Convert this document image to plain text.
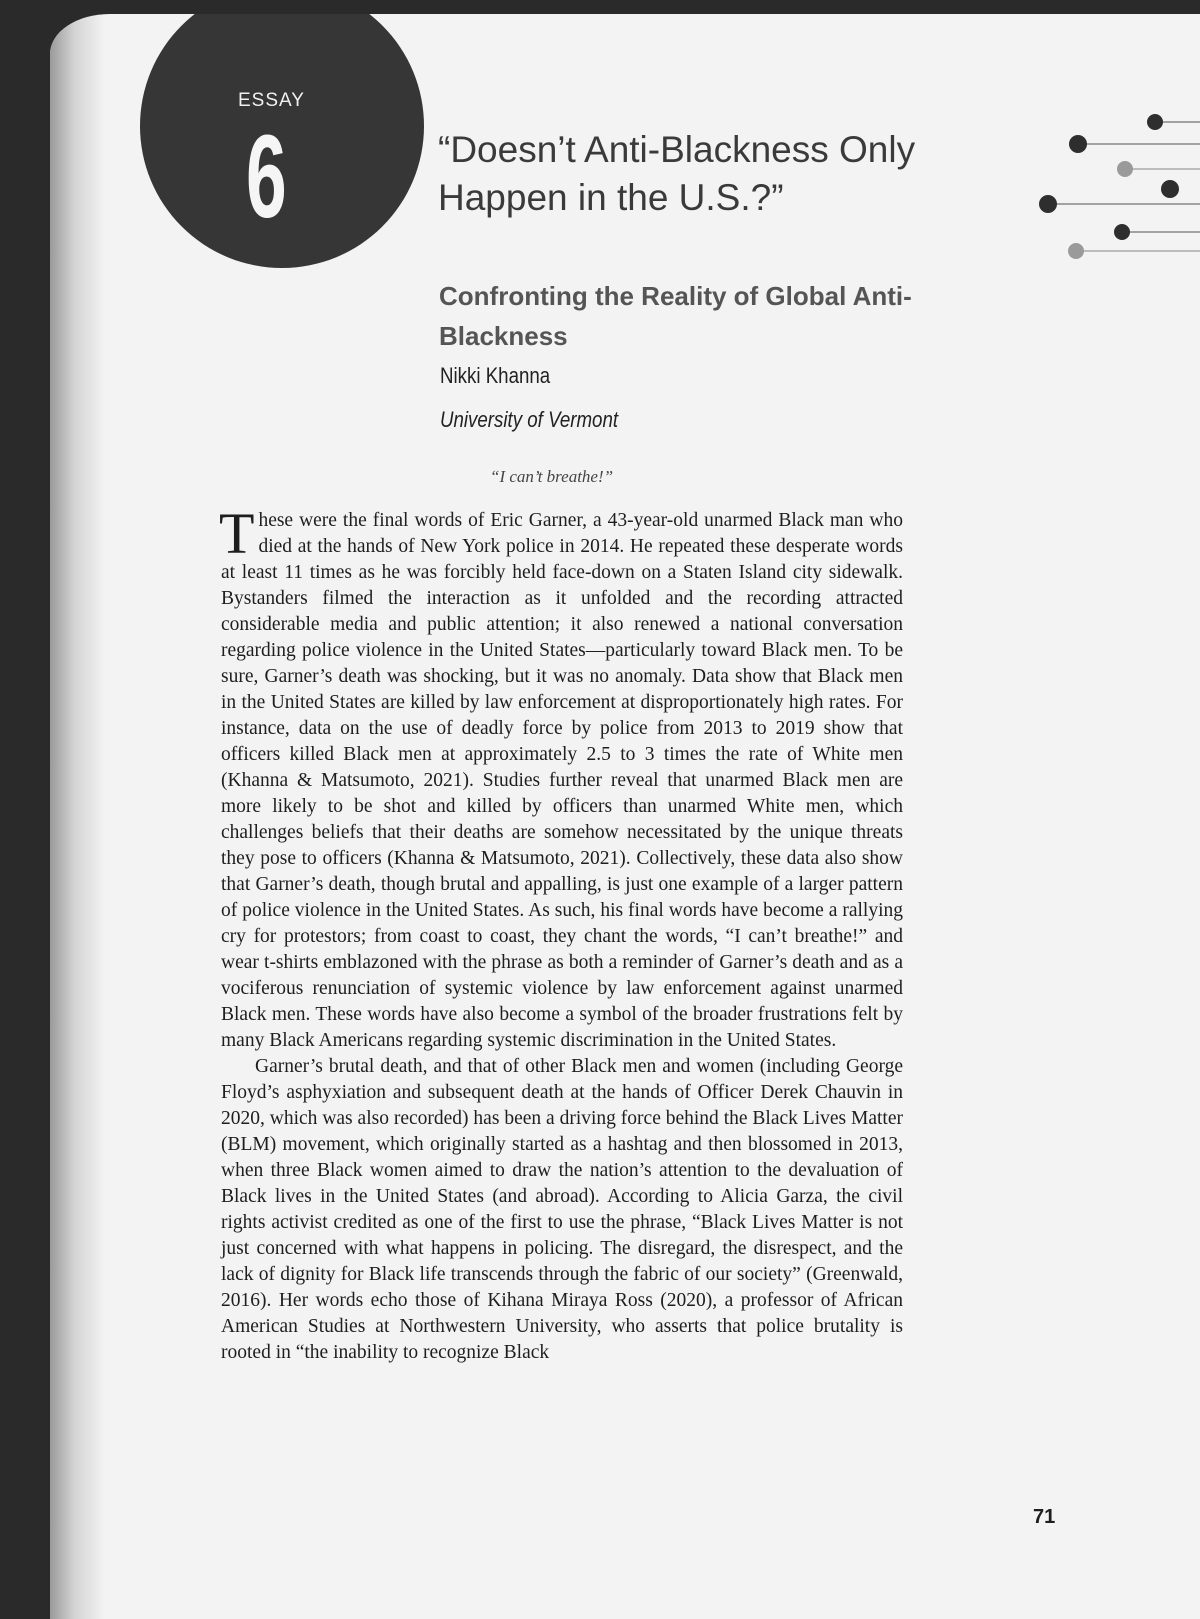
ESSAY
6	“Doesn’t Anti-Blackness Only Happen in the U.S.?”
Confronting the Reality of Global Anti-Blackness
Nikki Khanna
University of Vermont
“I can’t breathe!”

These were the final words of Eric Garner, a 43-year-old unarmed Black man who died at the hands of New York police in 2014. He repeated these desperate words at least 11 times as he was forcibly held face-down on a Staten Island city sidewalk. Bystanders filmed the interaction as it unfolded and the recording attracted considerable media and public attention; it also renewed a national conversation regarding police violence in the United States—particularly toward Black men. To be sure, Garner’s death was shocking, but it was no anomaly. Data show that Black men in the United States are killed by law enforcement at disproportionately high rates. For instance, data on the use of deadly force by police from 2013 to 2019 show that officers killed Black men at approximately 2.5 to 3 times the rate of White men (Khanna & Matsumoto, 2021). Studies further reveal that unarmed Black men are more likely to be shot and killed by officers than unarmed White men, which challenges beliefs that their deaths are somehow necessitated by the unique threats they pose to officers (Khanna & Matsumoto, 2021). Collectively, these data also show that Garner’s death, though brutal and appalling, is just one example of a larger pattern of police violence in the United States. As such, his final words have become a rallying cry for protestors; from coast to coast, they chant the words, “I can’t breathe!” and wear t-shirts emblazoned with the phrase as both a reminder of Garner’s death and as a vociferous renunciation of systemic violence by law enforcement against unarmed Black men. These words have also become a symbol of the broader frustrations felt by many Black Americans regarding systemic discrimination in the United States.

Garner’s brutal death, and that of other Black men and women (including George Floyd’s asphyxiation and subsequent death at the hands of Officer Derek Chauvin in 2020, which was also recorded) has been a driving force behind the Black Lives Matter (BLM) movement, which originally started as a hashtag and then blossomed in 2013, when three Black women aimed to draw the nation’s attention to the devaluation of Black lives in the United States (and abroad). According to Alicia Garza, the civil rights activist credited as one of the first to use the phrase, “Black Lives Matter is not just concerned with what happens in policing. The disregard, the disrespect, and the lack of dignity for Black life transcends through the fabric of our society” (Greenwald, 2016). Her words echo those of Kihana Miraya Ross (2020), a professor of African American Studies at Northwestern University, who asserts that police brutality is rooted in “the inability to recognize Black

71
